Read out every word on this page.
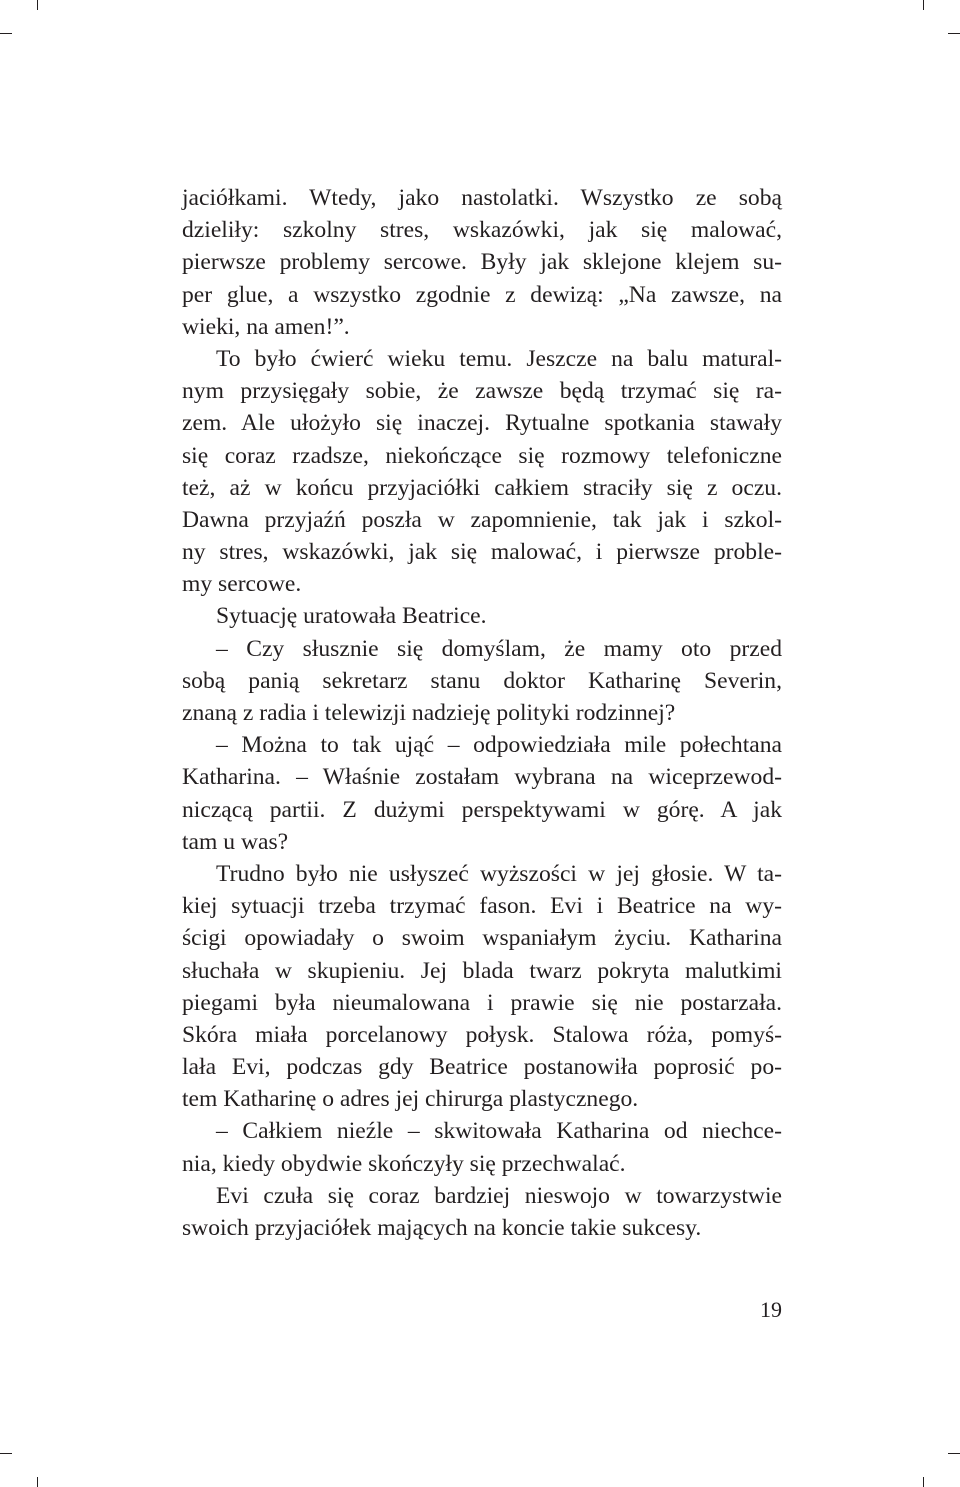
jaciółkami. Wtedy, jako nastolatki. Wszystko ze sobą
dzieliły: szkolny stres, wskazówki, jak się malować,
pierwsze problemy sercowe. Były jak sklejone klejem su-
per glue, a wszystko zgodnie z dewizą: „Na zawsze, na
wieki, na amen!”.
To było ćwierć wieku temu. Jeszcze na balu matural-
nym przysięgały sobie, że zawsze będą trzymać się ra-
zem. Ale ułożyło się inaczej. Rytualne spotkania stawały
się coraz rzadsze, niekończące się rozmowy telefoniczne
też, aż w końcu przyjaciółki całkiem straciły się z oczu.
Dawna przyjaźń poszła w zapomnienie, tak jak i szkol-
ny stres, wskazówki, jak się malować, i pierwsze proble-
my sercowe.
Sytuację uratowała Beatrice.
– Czy słusznie się domyślam, że mamy oto przed
sobą panią sekretarz stanu doktor Katharinę Severin,
znaną z radia i telewizji nadzieję polityki rodzinnej?
– Można to tak ująć – odpowiedziała mile połechtana
Katharina. – Właśnie zostałam wybrana na wiceprzewod-
niczącą partii. Z dużymi perspektywami w górę. A jak
tam u was?
Trudno było nie usłyszeć wyższości w jej głosie. W ta-
kiej sytuacji trzeba trzymać fason. Evi i Beatrice na wy-
ścigi opowiadały o swoim wspaniałym życiu. Katharina
słuchała w skupieniu. Jej blada twarz pokryta malutkimi
piegami była nieumalowana i prawie się nie postarzała.
Skóra miała porcelanowy połysk. Stalowa róża, pomyś-
lała Evi, podczas gdy Beatrice postanowiła poprosić po-
tem Katharinę o adres jej chirurga plastycznego.
– Całkiem nieźle – skwitowała Katharina od niechce-
nia, kiedy obydwie skończyły się przechwalać.
Evi czuła się coraz bardziej nieswojo w towarzystwie
swoich przyjaciółek mających na koncie takie sukcesy.
19
